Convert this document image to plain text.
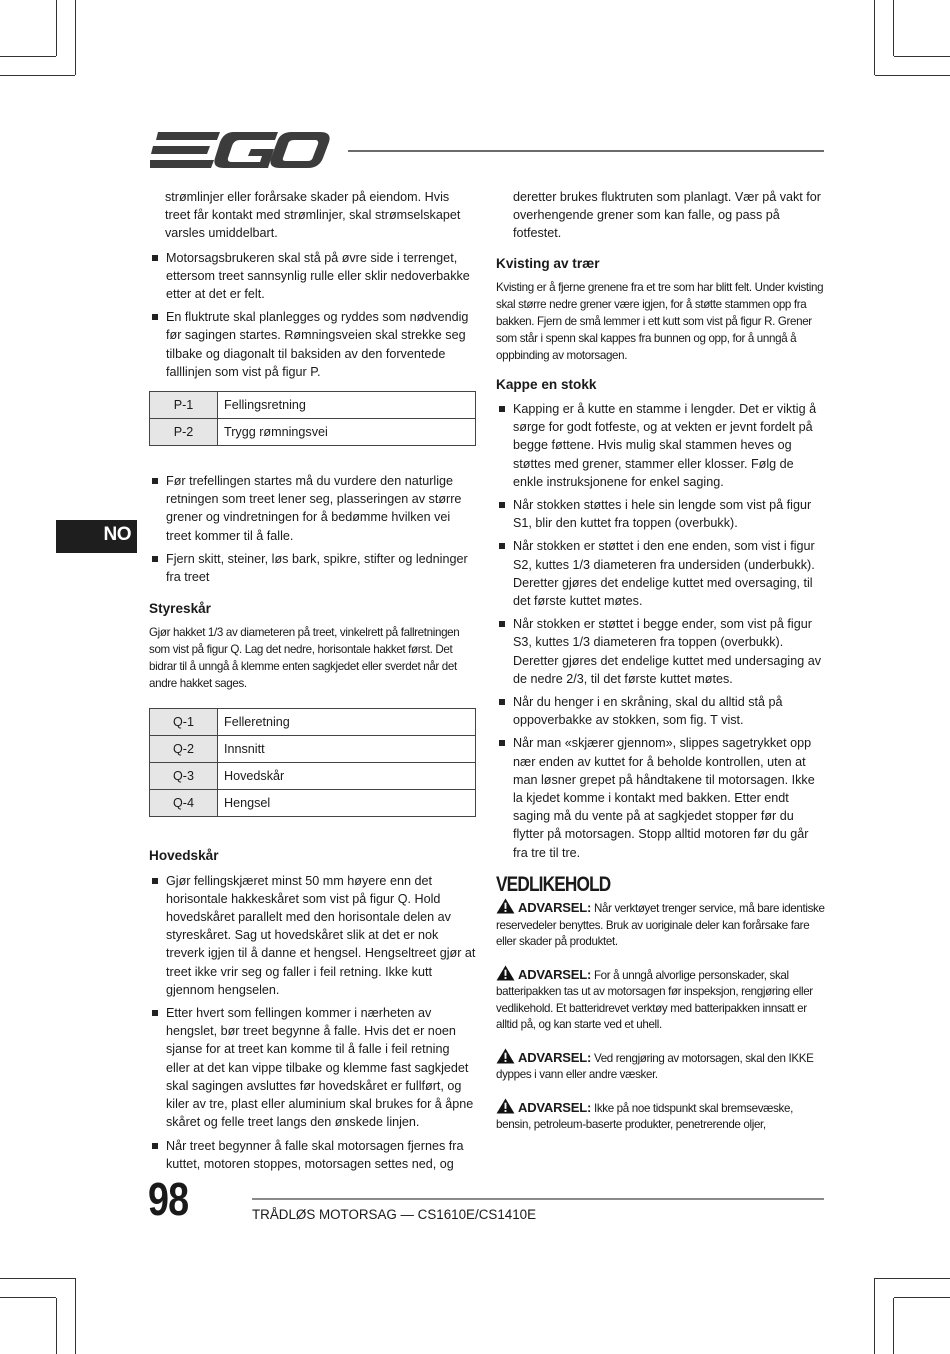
NO

strømlinjer eller forårsake skader på eiendom. Hvis treet får kontakt med strømlinjer, skal strømselskapet varsles umiddelbart.

Motorsagsbrukeren skal stå på øvre side i terrenget, ettersom treet sannsynlig rulle eller sklir nedoverbakke etter at det er felt.
En fluktrute skal planlegges og ryddes som nødvendig før sagingen startes. Rømningsveien skal strekke seg tilbake og diagonalt til baksiden av den forventede falllinjen som vist på figur P.
P-1	Fellingsretning
P-2	Trygg rømningsvei
Før trefellingen startes må du vurdere den naturlige retningen som treet lener seg, plasseringen av større grener og vindretningen for å bedømme hvilken vei treet kommer til å falle.
Fjern skitt, steiner, løs bark, spikre, stifter og ledninger fra treet
Styreskår

Gjør hakket 1/3 av diameteren på treet, vinkelrett på fallretningen som vist på figur Q. Lag det nedre, horisontale hakket først. Det bidrar til å unngå å klemme enten sagkjedet eller sverdet når det andre hakket sages.

Q-1	Felleretning
Q-2	Innsnitt
Q-3	Hovedskår
Q-4	Hengsel
Hovedskår
Gjør fellingskjæret minst 50 mm høyere enn det horisontale hakkeskåret som vist på figur Q. Hold hovedskåret parallelt med den horisontale delen av styreskåret. Sag ut hovedskåret slik at det er nok treverk igjen til å danne et hengsel. Hengseltreet gjør at treet ikke vrir seg og faller i feil retning. Ikke kutt gjennom hengselen.
Etter hvert som fellingen kommer i nærheten av hengslet, bør treet begynne å falle. Hvis det er noen sjanse for at treet kan komme til å falle i feil retning eller at det kan vippe tilbake og klemme fast sagkjedet skal sagingen avsluttes før hovedskåret er fullført, og kiler av tre, plast eller aluminium skal brukes for å åpne skåret og felle treet langs den ønskede linjen.
Når treet begynner å falle skal motorsagen fjernes fra kuttet, motoren stoppes, motorsagen settes ned, og

deretter brukes fluktruten som planlagt. Vær på vakt for overhengende grener som kan falle, og pass på fotfestet.

Kvisting av trær

Kvisting er å fjerne grenene fra et tre som har blitt felt. Under kvisting skal større nedre grener være igjen, for å støtte stammen opp fra bakken. Fjern de små lemmer i ett kutt som vist på figur R. Grener som står i spenn skal kappes fra bunnen og opp, for å unngå å oppbinding av motorsagen.

Kappe en stokk
Kapping er å kutte en stamme i lengder. Det er viktig å sørge for godt fotfeste, og at vekten er jevnt fordelt på begge føttene. Hvis mulig skal stammen heves og støttes med grener, stammer eller klosser. Følg de enkle instruksjonene for enkel saging.
Når stokken støttes i hele sin lengde som vist på figur S1, blir den kuttet fra toppen (overbukk).
Når stokken er støttet i den ene enden, som vist i figur S2, kuttes 1/3 diameteren fra undersiden (underbukk). Deretter gjøres det endelige kuttet med oversaging, til det første kuttet møtes.
Når stokken er støttet i begge ender, som vist på figur S3, kuttes 1/3 diameteren fra toppen (overbukk). Deretter gjøres det endelige kuttet med undersaging av de nedre 2/3, til det første kuttet møtes.
Når du henger i en skråning, skal du alltid stå på oppoverbakke av stokken, som fig. T vist.
Når man «skjærer gjennom», slippes sagetrykket opp nær enden av kuttet for å beholde kontrollen, uten at man løsner grepet på håndtakene til motorsagen. Ikke la kjedet komme i kontakt med bakken. Etter endt saging må du vente på at sagkjedet stopper før du flytter på motorsagen. Stopp alltid motoren før du går fra tre til tre.
VEDLIKEHOLD

ADVARSEL: Når verktøyet trenger service, må bare identiske reservedeler benyttes. Bruk av uoriginale deler kan forårsake fare eller skader på produktet.

ADVARSEL: For å unngå alvorlige personskader, skal batteripakken tas ut av motorsagen før inspeksjon, rengjøring eller vedlikehold. Et batteridrevet verktøy med batteripakken innsatt er alltid på, og kan starte ved et uhell.

ADVARSEL: Ved rengjøring av motorsagen, skal den IKKE dyppes i vann eller andre væsker.

ADVARSEL: Ikke på noe tidspunkt skal bremsevæske, bensin, petroleum-baserte produkter, penetrerende oljer,

98	TRÅDLØS MOTORSAG — CS1610E/CS1410E
